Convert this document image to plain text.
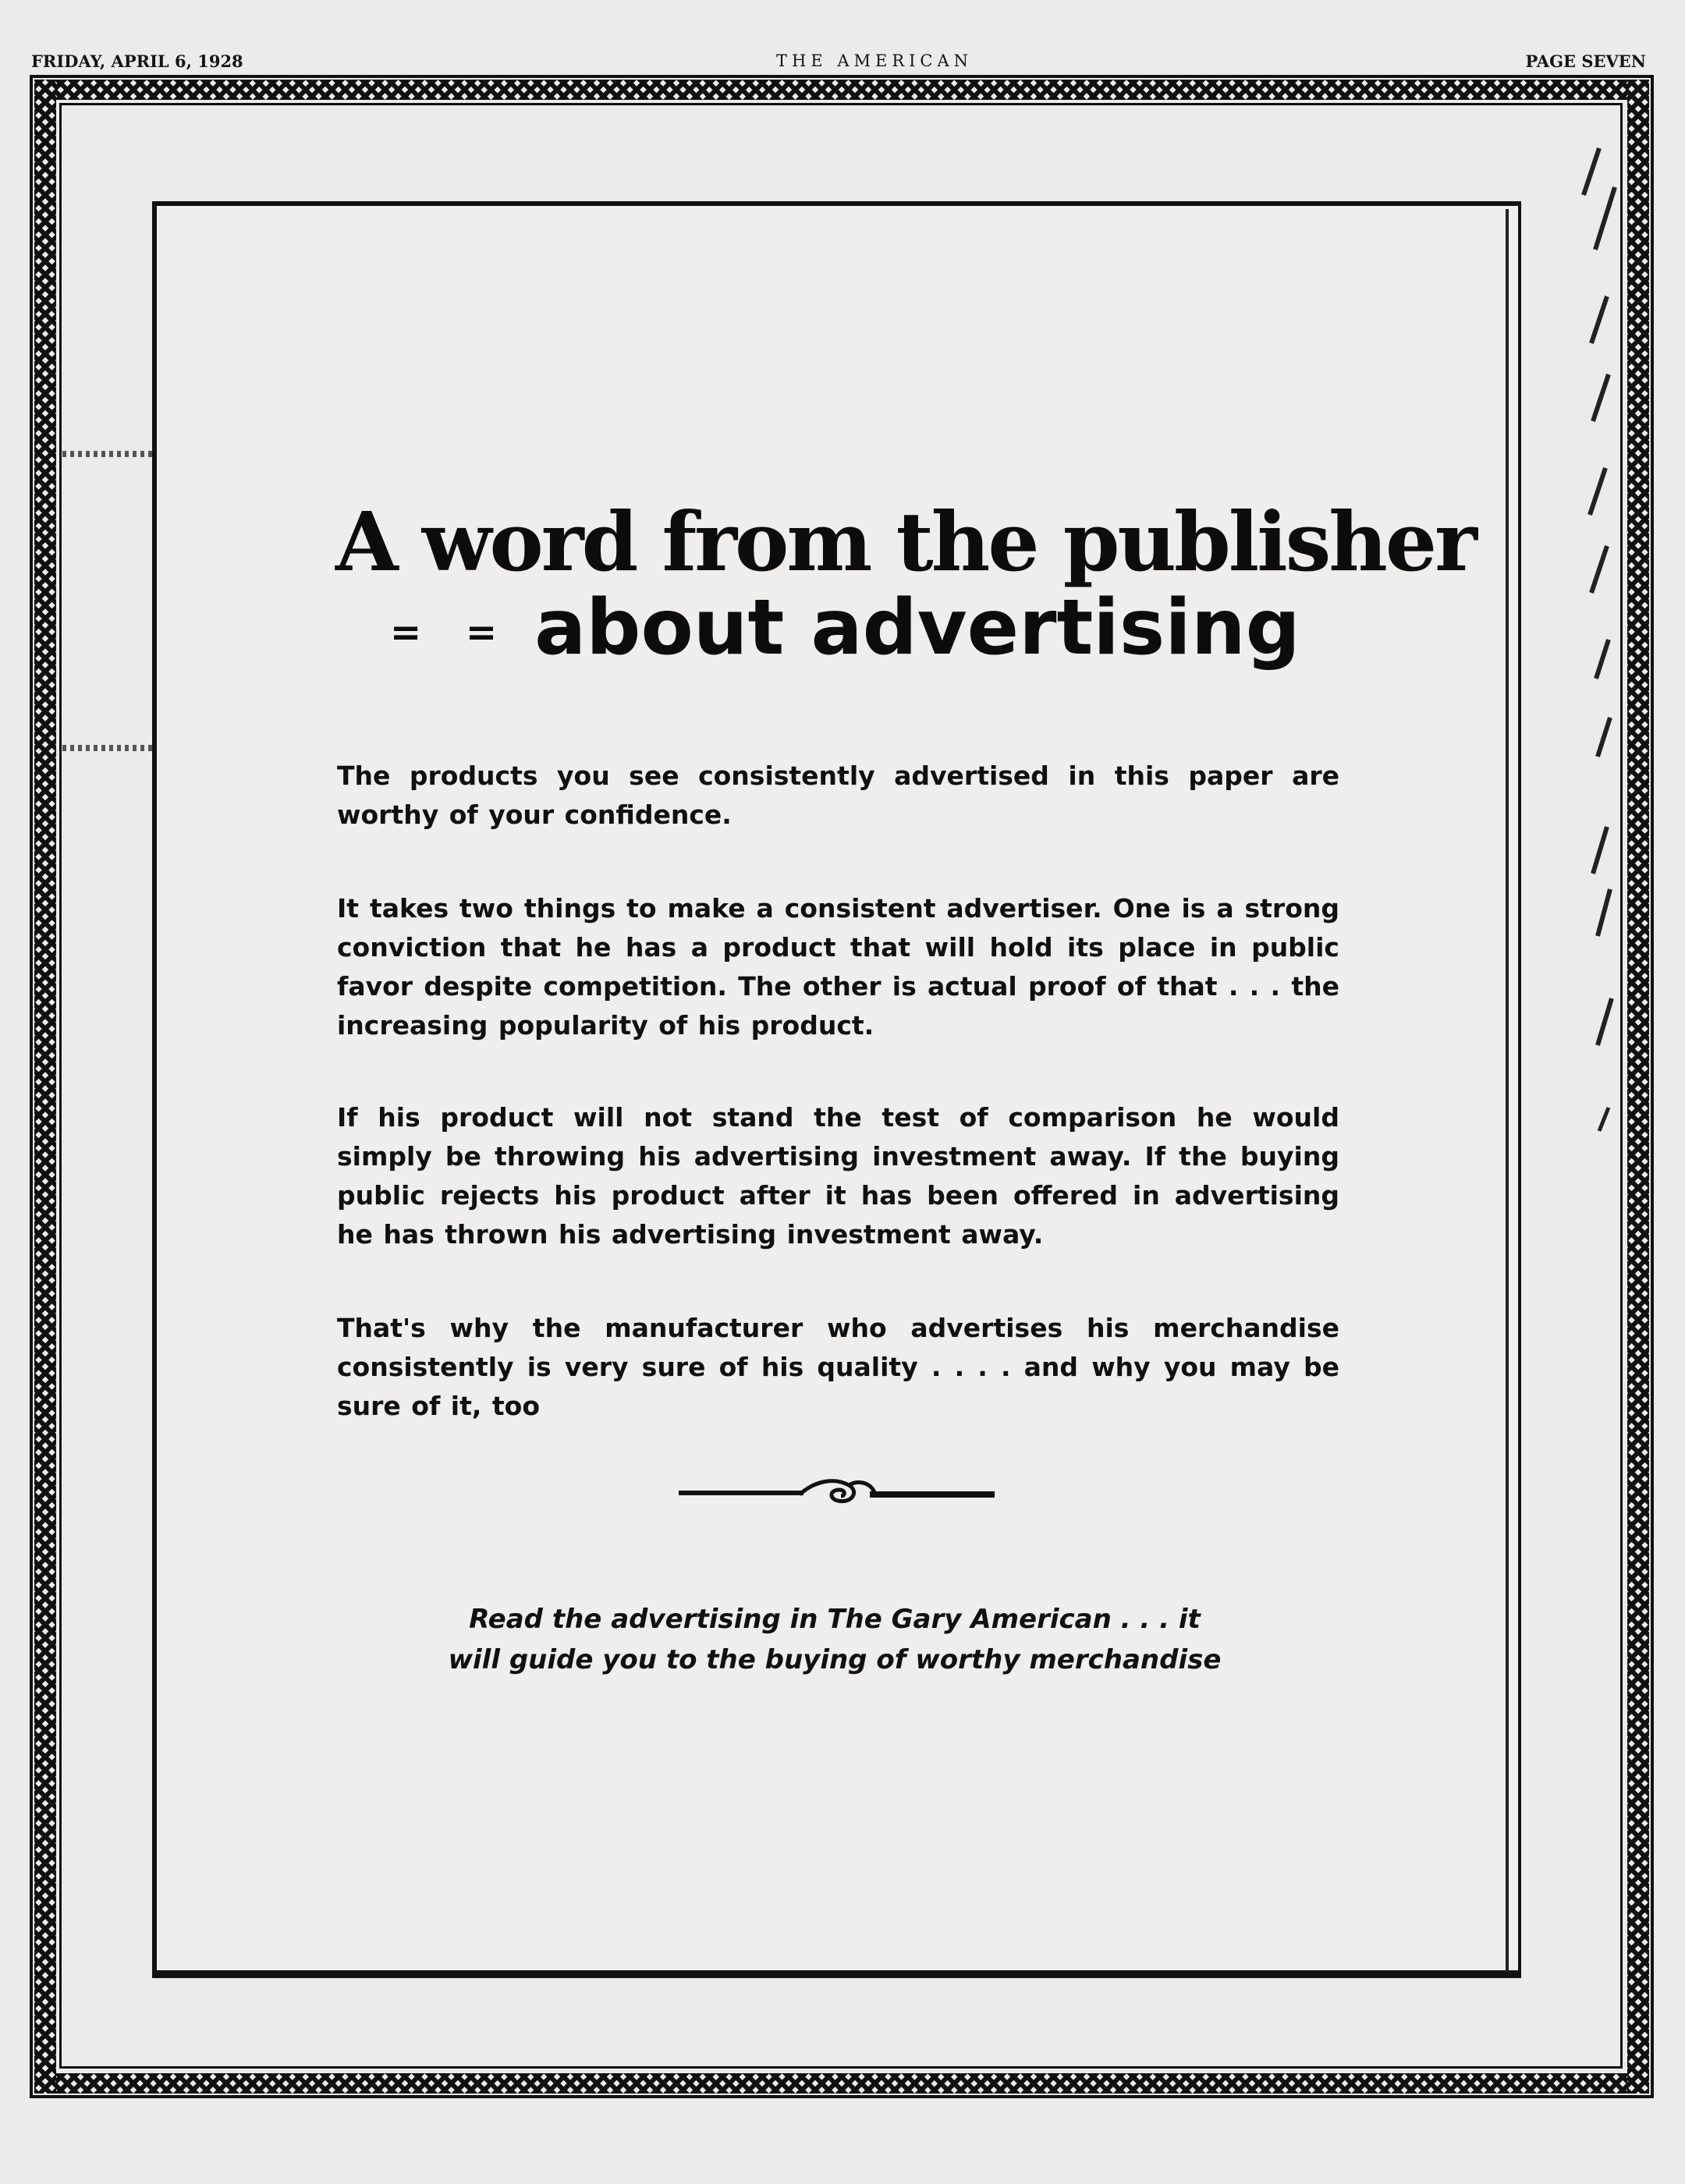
FRIDAY, APRIL 6, 1928	THE AMERICAN	PAGE SEVEN
A word from the publisher
= = about advertising
The products you see consistently advertised in this paper are worthy of your confidence.
It takes two things to make a consistent advertiser. One is a strong conviction that he has a product that will hold its place in public favor despite competition. The other is actual proof of that . . . the increasing popularity of his product.
If his product will not stand the test of comparison he would simply be throwing his advertising investment away. If the buying public rejects his product after it has been offered in advertising he has thrown his advertising investment away.
That's why the manufacturer who advertises his merchandise consistently is very sure of his quality . . . . and why you may be sure of it, too
Read the advertising in The Gary American . . . it
will guide you to the buying of worthy merchandise
